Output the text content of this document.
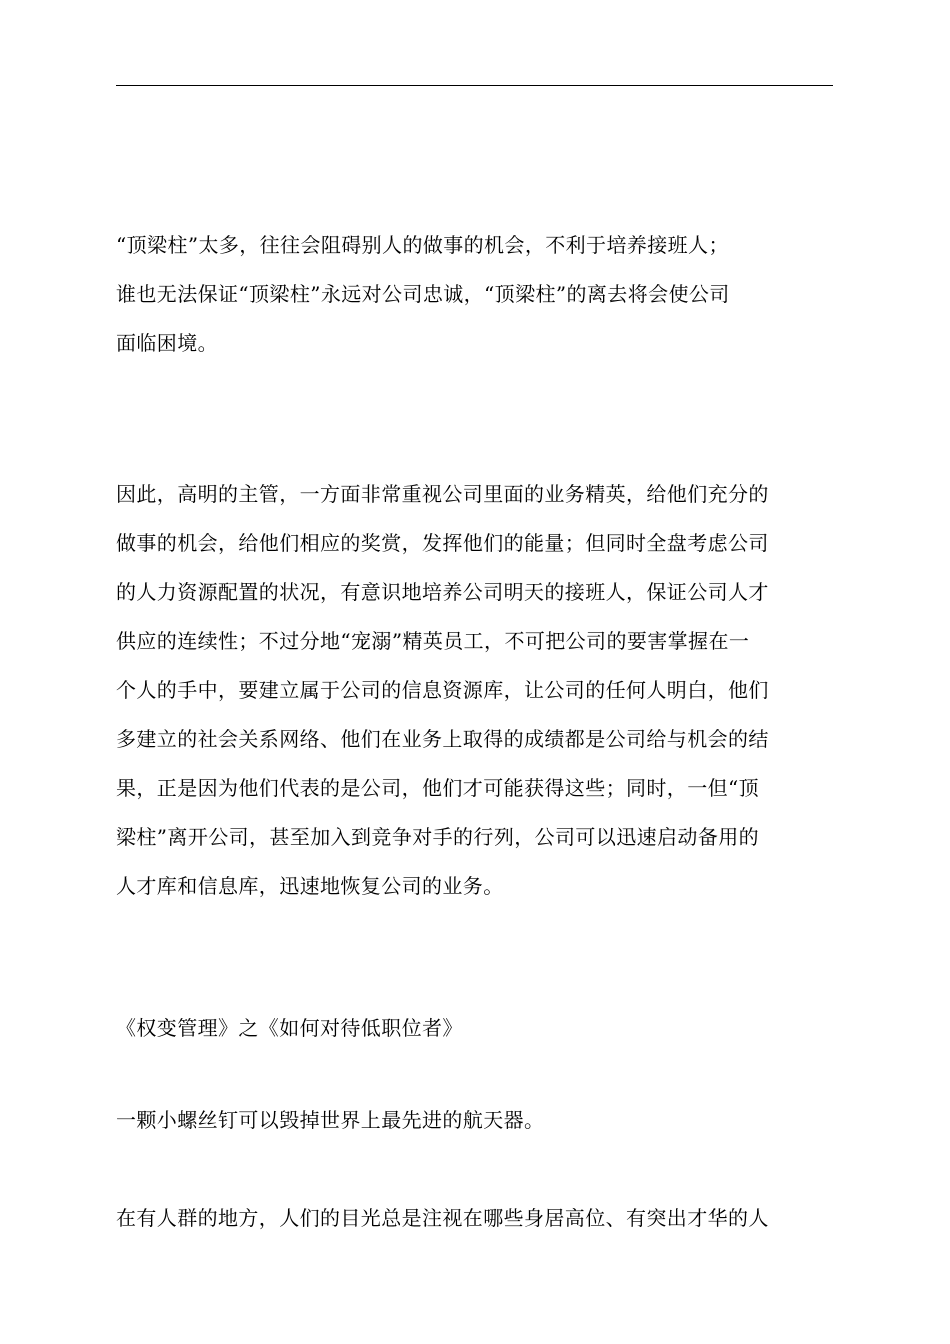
“顶梁柱”太多，往往会阻碍别人的做事的机会，不利于培养接班人；
谁也无法保证“顶梁柱”永远对公司忠诚，“顶梁柱”的离去将会使公司
面临困境。
因此，高明的主管，一方面非常重视公司里面的业务精英，给他们充分的
做事的机会，给他们相应的奖赏，发挥他们的能量；但同时全盘考虑公司
的人力资源配置的状况，有意识地培养公司明天的接班人，保证公司人才
供应的连续性；不过分地“宠溺”精英员工，不可把公司的要害掌握在一
个人的手中，要建立属于公司的信息资源库，让公司的任何人明白，他们
多建立的社会关系网络、他们在业务上取得的成绩都是公司给与机会的结
果，正是因为他们代表的是公司，他们才可能获得这些；同时，一但“顶
梁柱”离开公司，甚至加入到竞争对手的行列，公司可以迅速启动备用的
人才库和信息库，迅速地恢复公司的业务。
《权变管理》之《如何对待低职位者》
一颗小螺丝钉可以毁掉世界上最先进的航天器。
在有人群的地方，人们的目光总是注视在哪些身居高位、有突出才华的人
